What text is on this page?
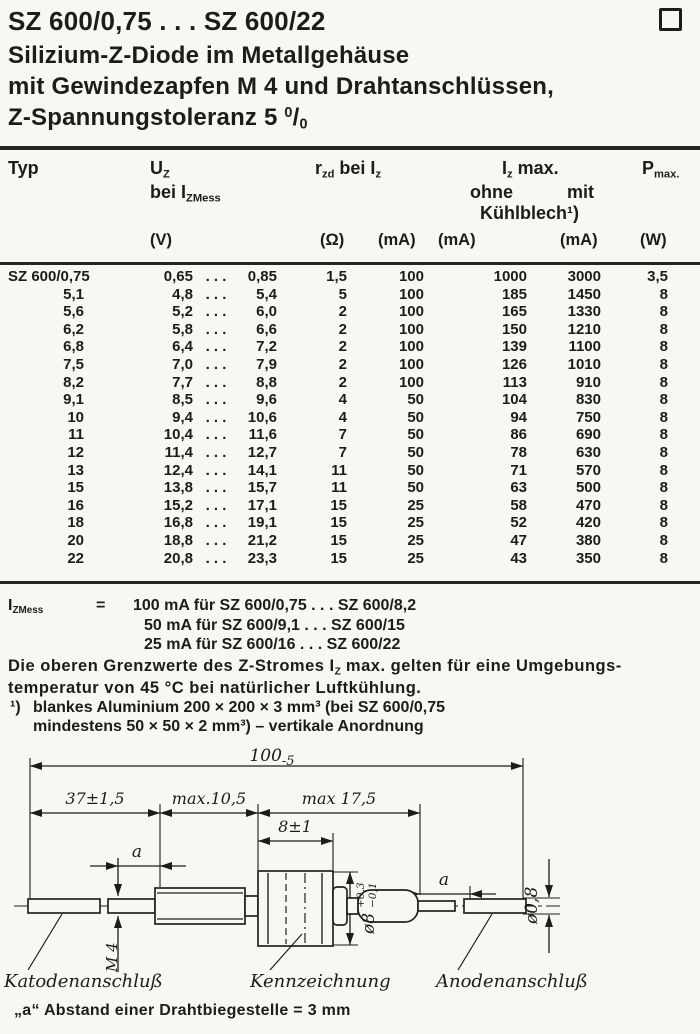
SZ 600/0,75 . . . SZ 600/22
Silizium-Z-Diode im Metallgehäuse
mit Gewindezapfen M 4 und Drahtanschlüssen,
Z-Spannungstoleranz 5 $^0$/0
Typ	$U_Z$
bei $I_{ZMess}$
$r_{zd}$ bei $I_z$	$I_z$ max.
ohne	mit
Kühlblech¹)
$P_{max.}$
(V)	(Ω) (mA) (mA)	(mA)	(W)
SZ 600/0,75	0,65 . . . 0,85	1,5	100	1000	3000	3,5
5,1	4,8 . . . 5,4	5	100	185	1450	8
5,6	5,2 . . . 6,0	2	100	165	1330	8
6,2	5,8 . . . 6,6	2	100	150	1210	8
6,8	6,4 . . . 7,2	2	100	139	1100	8
7,5	7,0 . . . 7,9	2	100	126	1010	8
8,2	7,7 . . . 8,8	2	100	113	910	8
9,1	8,5 . . . 9,6	4	50	104	830	8
10	9,4 . . . 10,6	4	50	94	750	8
11	10,4 . . . 11,6	7	50	86	690	8
12	11,4 . . . 12,7	7	50	78	630	8
13	12,4 . . . 14,1	11	50	71	570	8
15	13,8 . . . 15,7	11	50	63	500	8
16	15,2 . . . 17,1	15	25	58	470	8
18	16,8 . . . 19,1	15	25	52	420	8
20	18,8 . . . 21,2	15	25	47	380	8
22	20,8 . . . 23,3	15	25	43	350	8
$I_{ZMess}$	= 100 mA für SZ 600/0,75 . . . SZ 600/8,2
50 mA für SZ 600/9,1 . . . SZ 600/15
25 mA für SZ 600/16 . . . SZ 600/22
Die oberen Grenzwerte des Z-Stromes $I_Z$ max. gelten für eine Umgebungs-
temperatur von 45 °C bei natürlicher Luftkühlung.
¹) blankes Aluminium 200 × 200 × 3 mm³ (bei SZ 600/0,75
mindestens 50 × 50 × 2 mm³) – vertikale Anordnung
$100_{-5}$
37±1,5	max.10,5	max 17,5
8±1
a
a
ø8
+0,3 −0,1	ø0,8
M 4
Katodenanschluß	Kennzeichnung	Anodenanschluß
„a“ Abstand einer Drahtbiegestelle = 3 mm
